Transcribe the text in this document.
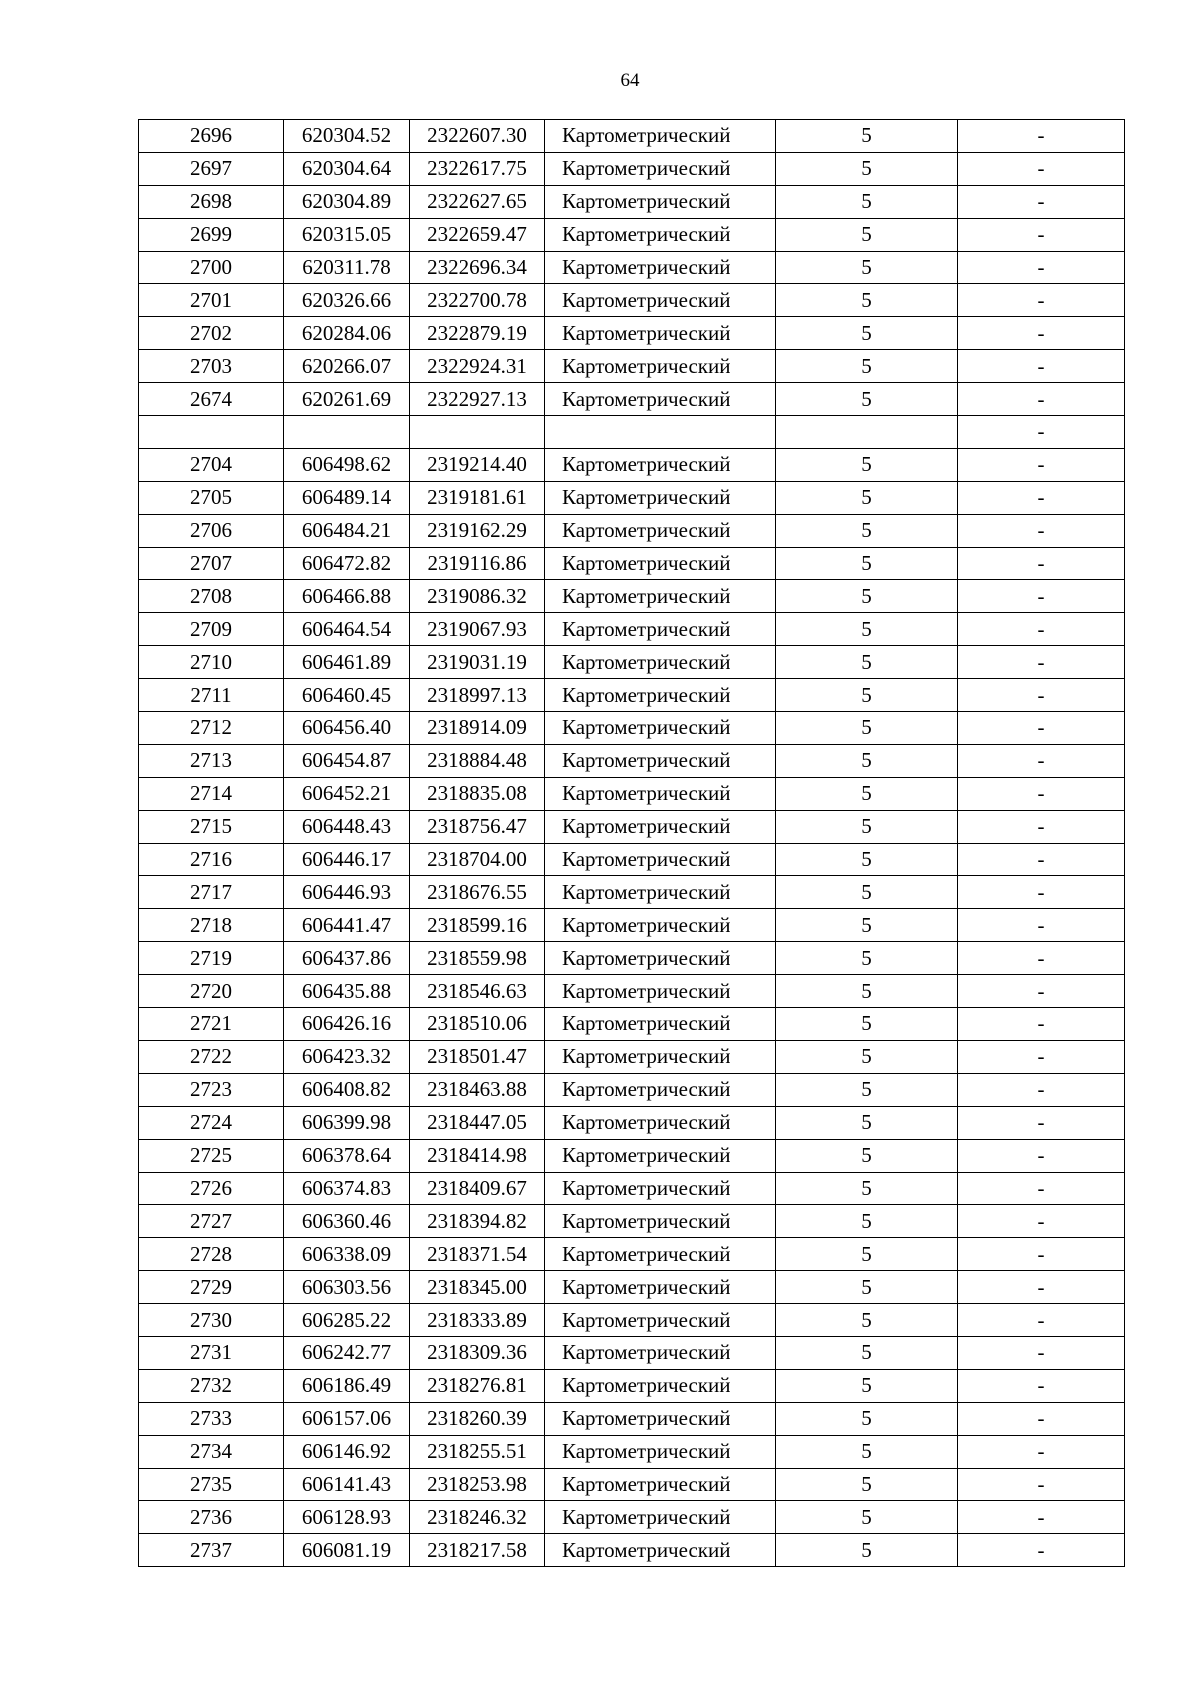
64
2696	620304.52	2322607.30	Картометрический	5	-
2697	620304.64	2322617.75	Картометрический	5	-
2698	620304.89	2322627.65	Картометрический	5	-
2699	620315.05	2322659.47	Картометрический	5	-
2700	620311.78	2322696.34	Картометрический	5	-
2701	620326.66	2322700.78	Картометрический	5	-
2702	620284.06	2322879.19	Картометрический	5	-
2703	620266.07	2322924.31	Картометрический	5	-
2674	620261.69	2322927.13	Картометрический	5	-
					-
2704	606498.62	2319214.40	Картометрический	5	-
2705	606489.14	2319181.61	Картометрический	5	-
2706	606484.21	2319162.29	Картометрический	5	-
2707	606472.82	2319116.86	Картометрический	5	-
2708	606466.88	2319086.32	Картометрический	5	-
2709	606464.54	2319067.93	Картометрический	5	-
2710	606461.89	2319031.19	Картометрический	5	-
2711	606460.45	2318997.13	Картометрический	5	-
2712	606456.40	2318914.09	Картометрический	5	-
2713	606454.87	2318884.48	Картометрический	5	-
2714	606452.21	2318835.08	Картометрический	5	-
2715	606448.43	2318756.47	Картометрический	5	-
2716	606446.17	2318704.00	Картометрический	5	-
2717	606446.93	2318676.55	Картометрический	5	-
2718	606441.47	2318599.16	Картометрический	5	-
2719	606437.86	2318559.98	Картометрический	5	-
2720	606435.88	2318546.63	Картометрический	5	-
2721	606426.16	2318510.06	Картометрический	5	-
2722	606423.32	2318501.47	Картометрический	5	-
2723	606408.82	2318463.88	Картометрический	5	-
2724	606399.98	2318447.05	Картометрический	5	-
2725	606378.64	2318414.98	Картометрический	5	-
2726	606374.83	2318409.67	Картометрический	5	-
2727	606360.46	2318394.82	Картометрический	5	-
2728	606338.09	2318371.54	Картометрический	5	-
2729	606303.56	2318345.00	Картометрический	5	-
2730	606285.22	2318333.89	Картометрический	5	-
2731	606242.77	2318309.36	Картометрический	5	-
2732	606186.49	2318276.81	Картометрический	5	-
2733	606157.06	2318260.39	Картометрический	5	-
2734	606146.92	2318255.51	Картометрический	5	-
2735	606141.43	2318253.98	Картометрический	5	-
2736	606128.93	2318246.32	Картометрический	5	-
2737	606081.19	2318217.58	Картометрический	5	-
